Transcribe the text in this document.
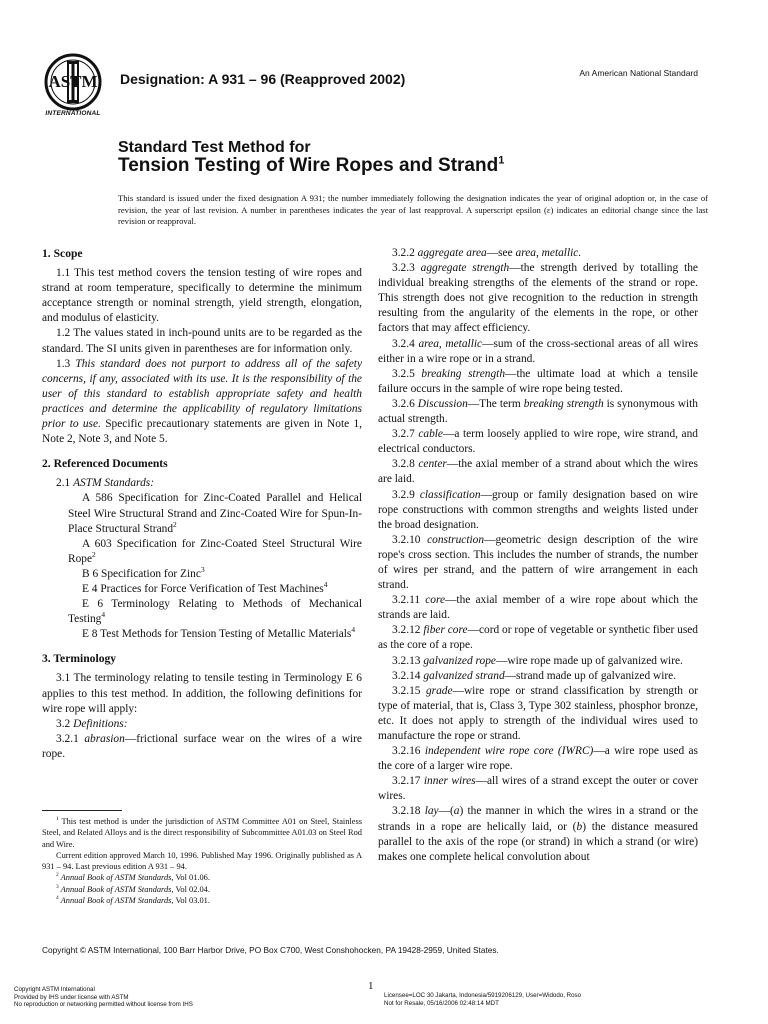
ASTM
INTERNATIONAL
Designation: A 931 – 96 (Reapproved 2002)	An American National Standard
Standard Test Method for
Tension Testing of Wire Ropes and Strand$^1$
This standard is issued under the fixed designation A 931; the number immediately following the designation indicates the year of original adoption or, in the case of revision, the year of last revision. A number in parentheses indicates the year of last reapproval. A superscript epsilon (ε) indicates an editorial change since the last revision or reapproval.
1. Scope

1.1 This test method covers the tension testing of wire ropes and strand at room temperature, specifically to determine the minimum acceptance strength or nominal strength, yield strength, elongation, and modulus of elasticity.

1.2 The values stated in inch-pound units are to be regarded as the standard. The SI units given in parentheses are for information only.

1.3 This standard does not purport to address all of the safety concerns, if any, associated with its use. It is the responsibility of the user of this standard to establish appropriate safety and health practices and determine the applicability of regulatory limitations prior to use. Specific precautionary statements are given in Note 1, Note 2, Note 3, and Note 5.

2. Referenced Documents

2.1 ASTM Standards:

A 586 Specification for Zinc-Coated Parallel and Helical Steel Wire Structural Strand and Zinc-Coated Wire for Spun-In-Place Structural Strand$^2$

A 603 Specification for Zinc-Coated Steel Structural Wire Rope$^2$

B 6 Specification for Zinc$^3$

E 4 Practices for Force Verification of Test Machines$^4$

E 6 Terminology Relating to Methods of Mechanical Testing$^4$

E 8 Test Methods for Tension Testing of Metallic Materials$^4$

3. Terminology

3.1 The terminology relating to tensile testing in Terminology E 6 applies to this test method. In addition, the following definitions for wire rope will apply:

3.2 Definitions:

3.2.1 abrasion—frictional surface wear on the wires of a wire rope.

$^1$ This test method is under the jurisdiction of ASTM Committee A01 on Steel, Stainless Steel, and Related Alloys and is the direct responsibility of Subcommittee A01.03 on Steel Rod and Wire.

Current edition approved March 10, 1996. Published May 1996. Originally published as A 931 – 94. Last previous edition A 931 – 94.

$^2$ Annual Book of ASTM Standards, Vol 01.06.

$^3$ Annual Book of ASTM Standards, Vol 02.04.

$^4$ Annual Book of ASTM Standards, Vol 03.01.

3.2.2 aggregate area—see area, metallic.

3.2.3 aggregate strength—the strength derived by totalling the individual breaking strengths of the elements of the strand or rope. This strength does not give recognition to the reduction in strength resulting from the angularity of the elements in the rope, or other factors that may affect efficiency.

3.2.4 area, metallic—sum of the cross-sectional areas of all wires either in a wire rope or in a strand.

3.2.5 breaking strength—the ultimate load at which a tensile failure occurs in the sample of wire rope being tested.

3.2.6 Discussion—The term breaking strength is synonymous with actual strength.

3.2.7 cable—a term loosely applied to wire rope, wire strand, and electrical conductors.

3.2.8 center—the axial member of a strand about which the wires are laid.

3.2.9 classification—group or family designation based on wire rope constructions with common strengths and weights listed under the broad designation.

3.2.10 construction—geometric design description of the wire rope's cross section. This includes the number of strands, the number of wires per strand, and the pattern of wire arrangement in each strand.

3.2.11 core—the axial member of a wire rope about which the strands are laid.

3.2.12 fiber core—cord or rope of vegetable or synthetic fiber used as the core of a rope.

3.2.13 galvanized rope—wire rope made up of galvanized wire.

3.2.14 galvanized strand—strand made up of galvanized wire.

3.2.15 grade—wire rope or strand classification by strength or type of material, that is, Class 3, Type 302 stainless, phosphor bronze, etc. It does not apply to strength of the individual wires used to manufacture the rope or strand.

3.2.16 independent wire rope core (IWRC)—a wire rope used as the core of a larger wire rope.

3.2.17 inner wires—all wires of a strand except the outer or cover wires.

3.2.18 lay—(a) the manner in which the wires in a strand or the strands in a rope are helically laid, or (b) the distance measured parallel to the axis of the rope (or strand) in which a strand (or wire) makes one complete helical convolution about

Copyright © ASTM International, 100 Barr Harbor Drive, PO Box C700, West Conshohocken, PA 19428-2959, United States.
1
Copyright ASTM International
Provided by IHS under license with ASTM
No reproduction or networking permitted without license from IHS
Licensee=LOC 30 Jakarta, Indonesia/5919206129, User=Widodo, Roso
Not for Resale, 05/16/2006 02:48:14 MDT
